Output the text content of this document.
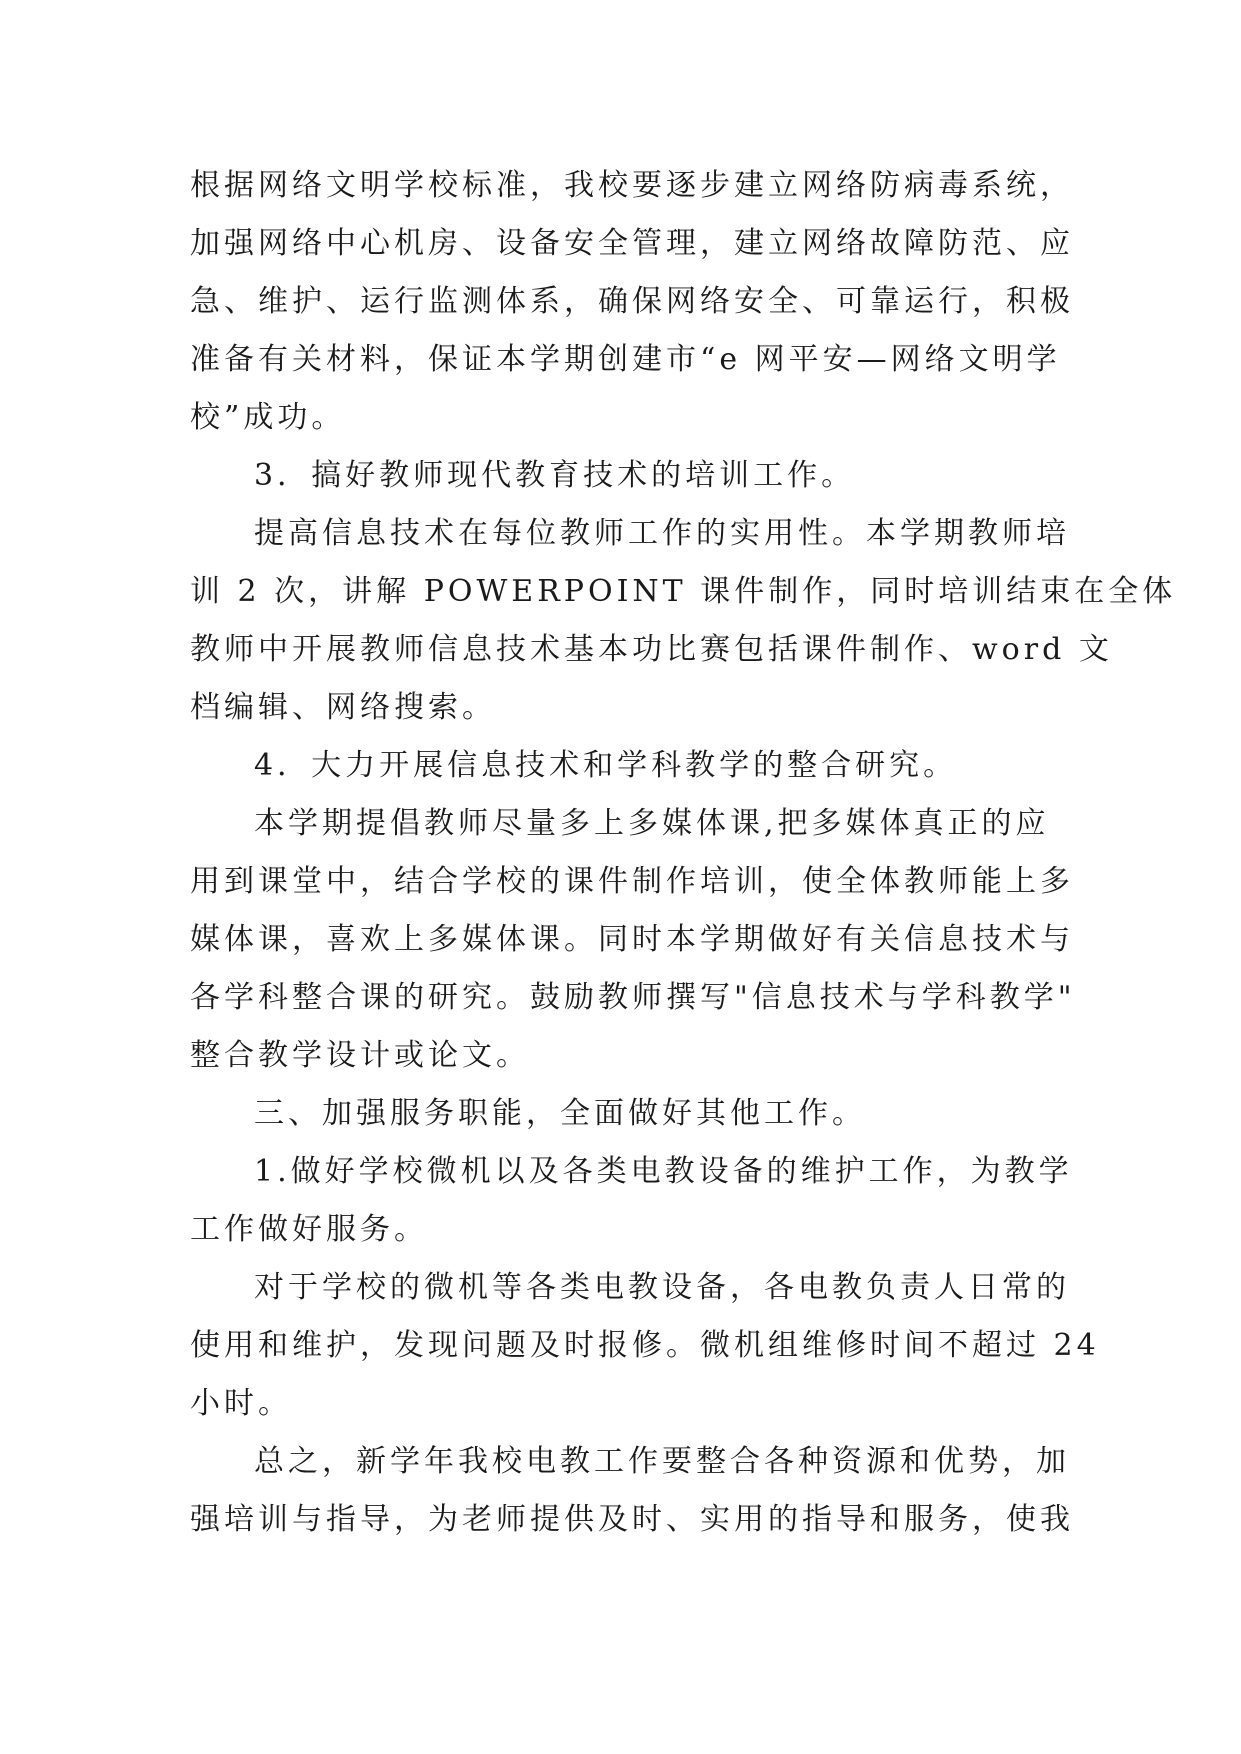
根据网络文明学校标准，我校要逐步建立网络防病毒系统，
加强网络中心机房、设备安全管理，建立网络故障防范、应
急、维护、运行监测体系，确保网络安全、可靠运行，积极
准备有关材料，保证本学期创建市“e 网平安—网络文明学
校”成功。
3．搞好教师现代教育技术的培训工作。
提高信息技术在每位教师工作的实用性。本学期教师培
训 2 次，讲解 POWERPOINT 课件制作，同时培训结束在全体
教师中开展教师信息技术基本功比赛包括课件制作、word 文
档编辑、网络搜索。
4．大力开展信息技术和学科教学的整合研究。
本学期提倡教师尽量多上多媒体课,把多媒体真正的应
用到课堂中，结合学校的课件制作培训，使全体教师能上多
媒体课，喜欢上多媒体课。同时本学期做好有关信息技术与
各学科整合课的研究。鼓励教师撰写"信息技术与学科教学"
整合教学设计或论文。
三、加强服务职能，全面做好其他工作。
1.做好学校微机以及各类电教设备的维护工作，为教学
工作做好服务。
对于学校的微机等各类电教设备，各电教负责人日常的
使用和维护，发现问题及时报修。微机组维修时间不超过 24
小时。
总之，新学年我校电教工作要整合各种资源和优势，加
强培训与指导，为老师提供及时、实用的指导和服务，使我
